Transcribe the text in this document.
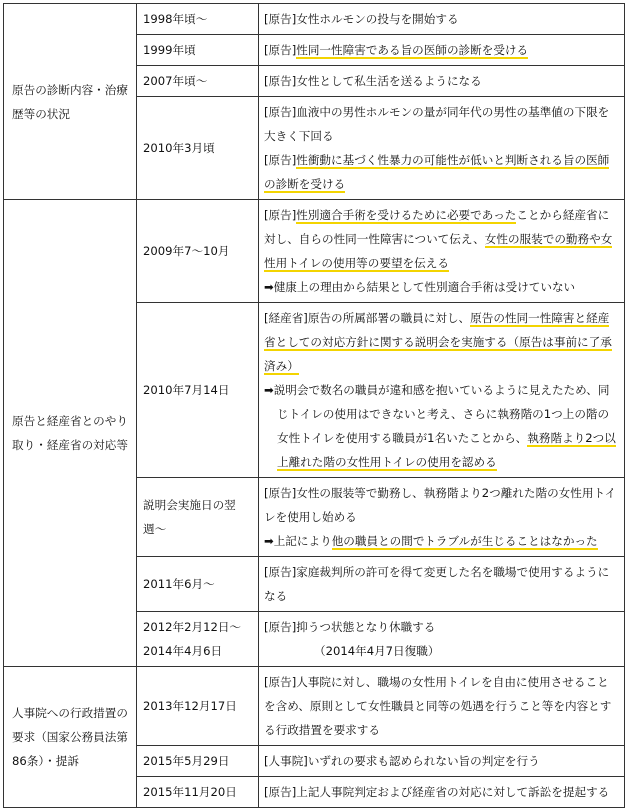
原告の診断内容・治療歴等の状況	1998年頃〜	[原告]女性ホルモンの投与を開始する

	1999年頃	[原告]性同一性障害である旨の医師の診断を受ける

	2007年頃〜	[原告]女性として私生活を送るようになる

	2010年3月頃	[原告]血液中の男性ホルモンの量が同年代の男性の基準値の下限を大きく下回る
[原告]性衝動に基づく性暴力の可能性が低いと判断される旨の医師の診断を受ける

原告と経産省とのやり取り・経産省の対応等	2009年7〜10月	[原告]性別適合手術を受けるために必要であったことから経産省に対し、自らの性同一性障害について伝え、女性の服装での勤務や女性用トイレの使用等の要望を伝える
➡健康上の理由から結果として性別適合手術は受けていない

	2010年7月14日	[経産省]原告の所属部署の職員に対し、原告の性同一性障害と経産省としての対応方針に関する説明会を実施する（原告は事前に了承済み）
➡説明会で数名の職員が違和感を抱いているように見えたため、同じトイレの使用はできないと考え、さらに執務階の1つ上の階の女性トイレを使用する職員が1名いたことから、執務階より2つ以上離れた階の女性用トイレの使用を認める

	説明会実施日の翌週〜	[原告]女性の服装等で勤務し、執務階より2つ離れた階の女性用トイレを使用し始める
➡上記により他の職員との間でトラブルが生じることはなかった

	2011年6月〜	[原告]家庭裁判所の許可を得て変更した名を職場で使用するようになる

	2012年2月12日〜2014年4月6日	[原告]抑うつ状態となり休職する
（2014年4月7日復職）

人事院への行政措置の要求（国家公務員法第86条）・提訴	2013年12月17日	[原告]人事院に対し、職場の女性用トイレを自由に使用させることを含め、原則として女性職員と同等の処遇を行うこと等を内容とする行政措置を要求する

	2015年5月29日	[人事院]いずれの要求も認められない旨の判定を行う

	2015年11月20日	[原告]上記人事院判定および経産省の対応に対して訴訟を提起する
